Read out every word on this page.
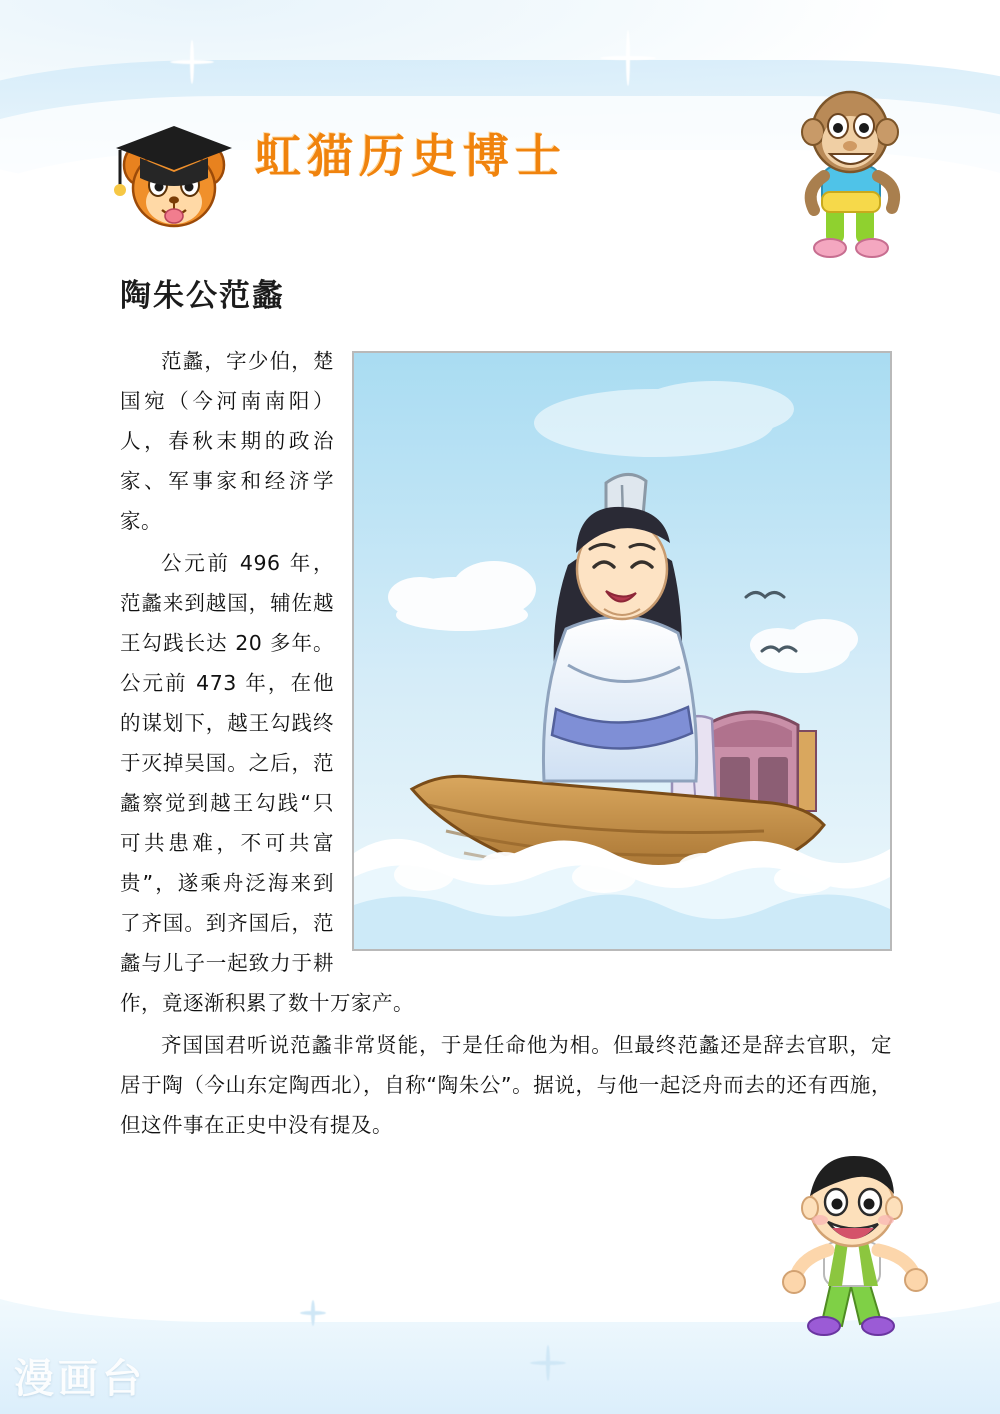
虹猫历史博士
陶朱公范蠡

范蠡，字少伯，楚国宛（今河南南阳）人，春秋末期的政治家、军事家和经济学家。

公元前 496 年，范蠡来到越国，辅佐越王勾践长达 20 多年。公元前 473 年，在他的谋划下，越王勾践终于灭掉吴国。之后，范蠡察觉到越王勾践“只可共患难，不可共富贵”，遂乘舟泛海来到了齐国。到齐国后，范蠡与儿子一起致力于耕作，竟逐渐积累了数十万家产。

齐国国君听说范蠡非常贤能，于是任命他为相。但最终范蠡还是辞去官职，定居于陶（今山东定陶西北），自称“陶朱公”。据说，与他一起泛舟而去的还有西施，但这件事在正史中没有提及。

漫画台
